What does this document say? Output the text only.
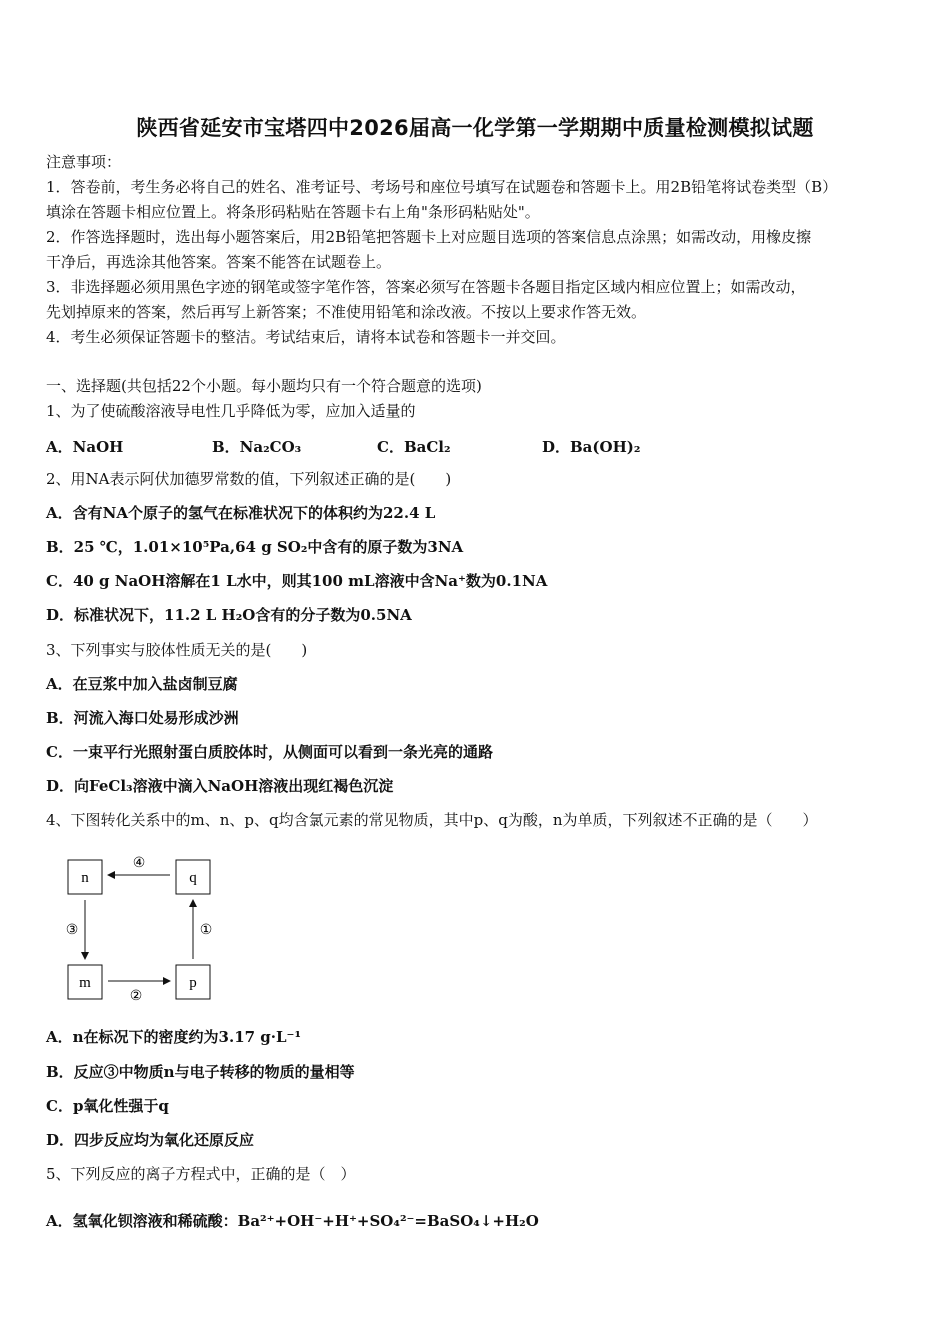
陕西省延安市宝塔四中2026届高一化学第一学期期中质量检测模拟试题
注意事项：
1．答卷前，考生务必将自己的姓名、准考证号、考场号和座位号填写在试题卷和答题卡上。用2B铅笔将试卷类型（B）
填涂在答题卡相应位置上。将条形码粘贴在答题卡右上角"条形码粘贴处"。
2．作答选择题时，选出每小题答案后，用2B铅笔把答题卡上对应题目选项的答案信息点涂黑；如需改动，用橡皮擦
干净后，再选涂其他答案。答案不能答在试题卷上。
3．非选择题必须用黑色字迹的钢笔或签字笔作答，答案必须写在答题卡各题目指定区域内相应位置上；如需改动，
先划掉原来的答案，然后再写上新答案；不准使用铅笔和涂改液。不按以上要求作答无效。
4．考生必须保证答题卡的整洁。考试结束后，请将本试卷和答题卡一并交回。
一、选择题(共包括22个小题。每小题均只有一个符合题意的选项)
1、为了使硫酸溶液导电性几乎降低为零，应加入适量的
A．NaOH	B．Na₂CO₃	C．BaCl₂	D．Ba(OH)₂
2、用NA表示阿伏加德罗常数的值，下列叙述正确的是(　　)
A．含有NA个原子的氢气在标准状况下的体积约为22.4 L
B．25 ℃，1.01×10⁵Pa,64 g SO₂中含有的原子数为3NA
C．40 g NaOH溶解在1 L水中，则其100 mL溶液中含Na⁺数为0.1NA
D．标准状况下，11.2 L H₂O含有的分子数为0.5NA
3、下列事实与胶体性质无关的是(　　)
A．在豆浆中加入盐卤制豆腐
B．河流入海口处易形成沙洲
C．一束平行光照射蛋白质胶体时，从侧面可以看到一条光亮的通路
D．向FeCl₃溶液中滴入NaOH溶液出现红褐色沉淀
4、下图转化关系中的m、n、p、q均含氯元素的常见物质，其中p、q为酸，n为单质，下列叙述不正确的是（　　）
n	q
m	p
④
③
②
①
A．n在标况下的密度约为3.17 g·L⁻¹
B．反应③中物质n与电子转移的物质的量相等
C．p氧化性强于q
D．四步反应均为氧化还原反应
5、下列反应的离子方程式中，正确的是（　）
A．氢氧化钡溶液和稀硫酸：Ba²⁺+OH⁻+H⁺+SO₄²⁻=BaSO₄↓+H₂O
